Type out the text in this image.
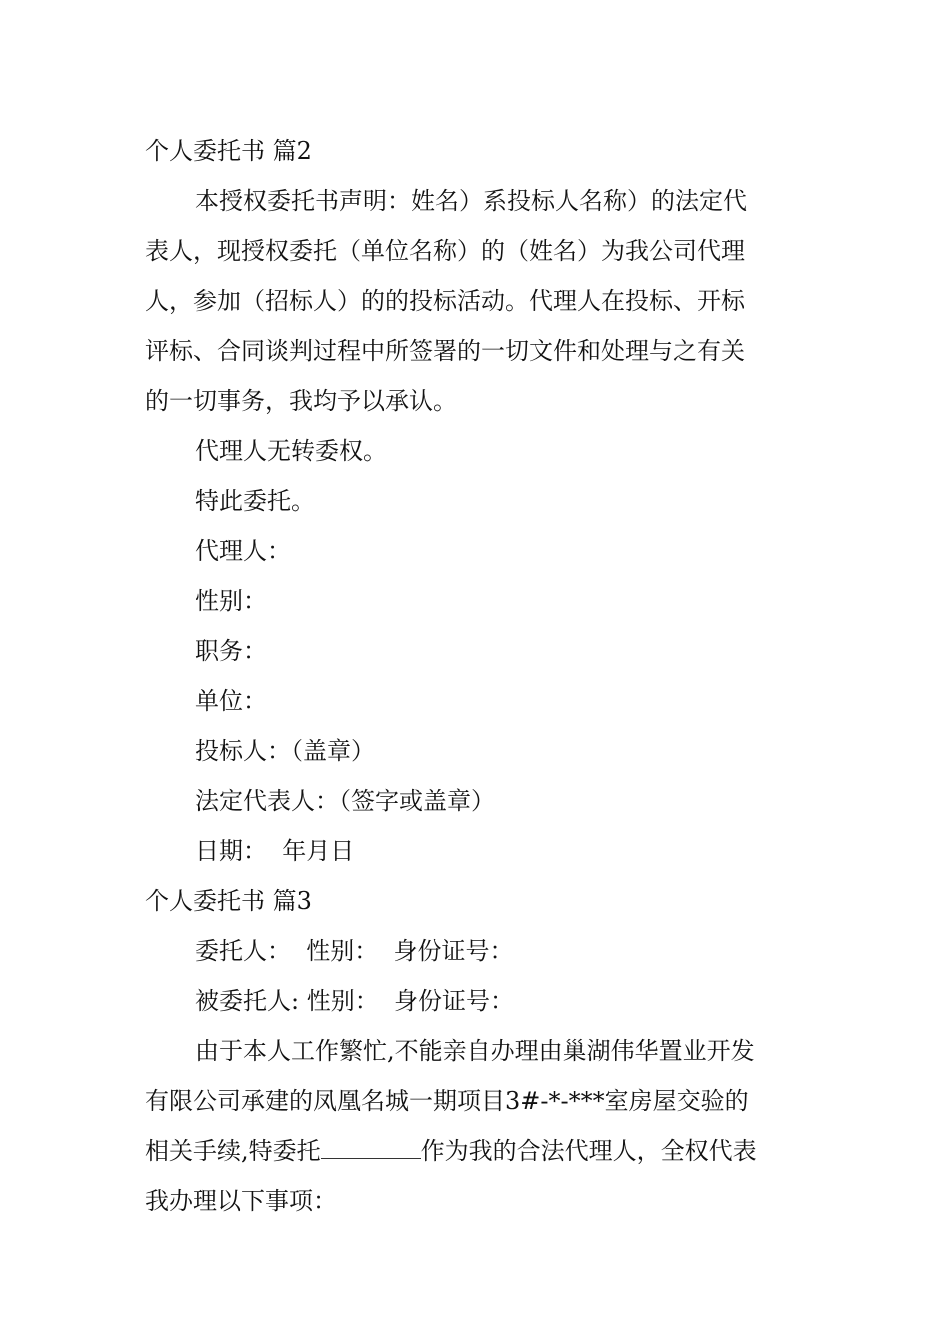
个人委托书 篇2

本授权委托书声明：姓名）系投标人名称）的法定代

表人，现授权委托（单位名称）的（姓名）为我公司代理

人，参加（招标人）的的投标活动。代理人在投标、开标

评标、合同谈判过程中所签署的一切文件和处理与之有关

的一切事务，我均予以承认。

代理人无转委权。

特此委托。

代理人：

性别：

职务：

单位：

投标人：（盖章）

法定代表人：（签字或盖章）

日期：  年月日

个人委托书 篇3

委托人：  性别：  身份证号：

被委托人: 性别：  身份证号：

由于本人工作繁忙,不能亲自办理由巢湖伟华置业开发

有限公司承建的凤凰名城一期项目3#-*-***室房屋交验的

相关手续,特委托	作为我的合法代理人，全权代表

我办理以下事项：
